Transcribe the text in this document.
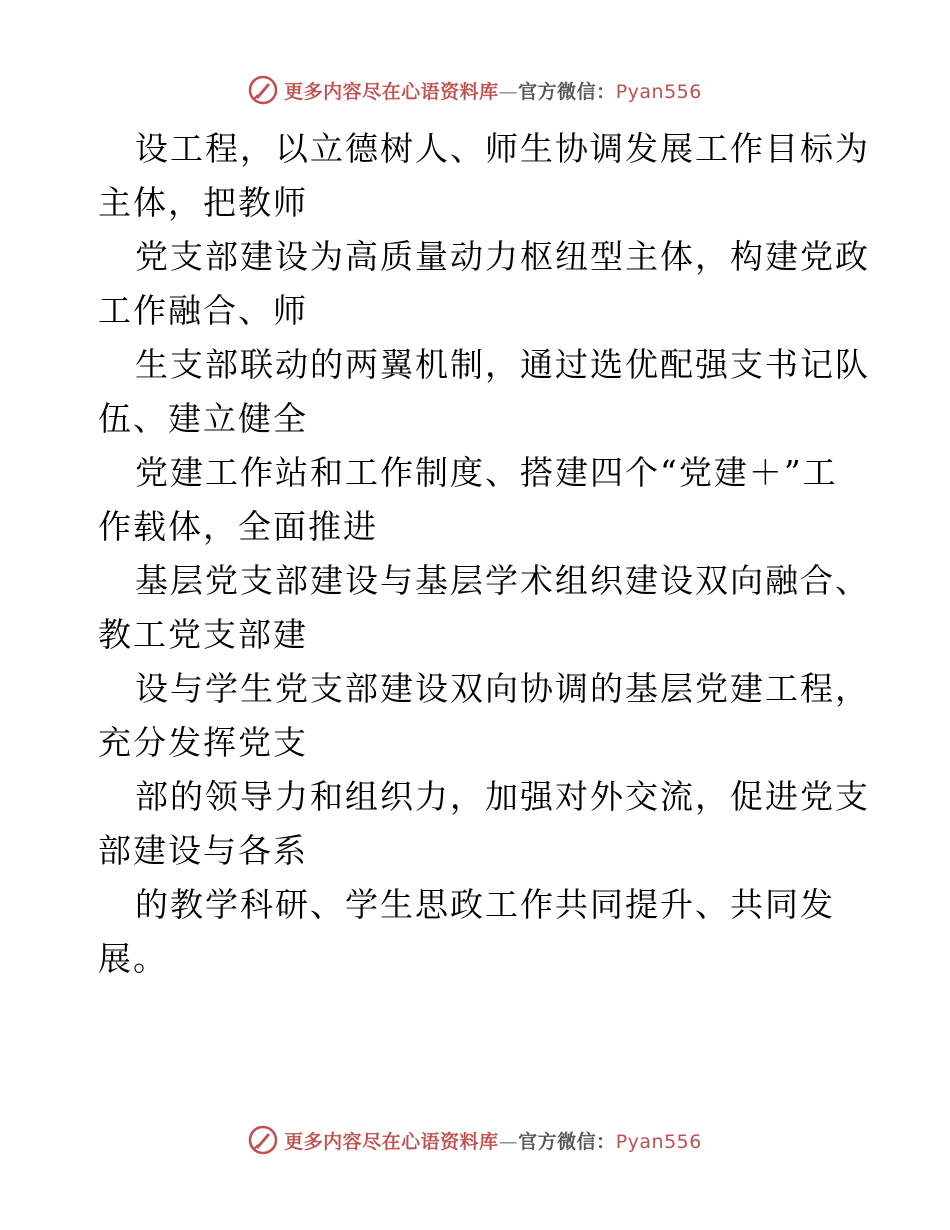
更多内容尽在心语资料库—官方微信：Pyan556
设工程，以立德树人、师生协调发展工作目标为
主体，把教师
党支部建设为高质量动力枢纽型主体，构建党政
工作融合、师
生支部联动的两翼机制，通过选优配强支书记队
伍、建立健全
党建工作站和工作制度、搭建四个“党建＋”工
作载体，全面推进
基层党支部建设与基层学术组织建设双向融合、
教工党支部建
设与学生党支部建设双向协调的基层党建工程，
充分发挥党支
部的领导力和组织力，加强对外交流，促进党支
部建设与各系
的教学科研、学生思政工作共同提升、共同发
展。
更多内容尽在心语资料库—官方微信：Pyan556
